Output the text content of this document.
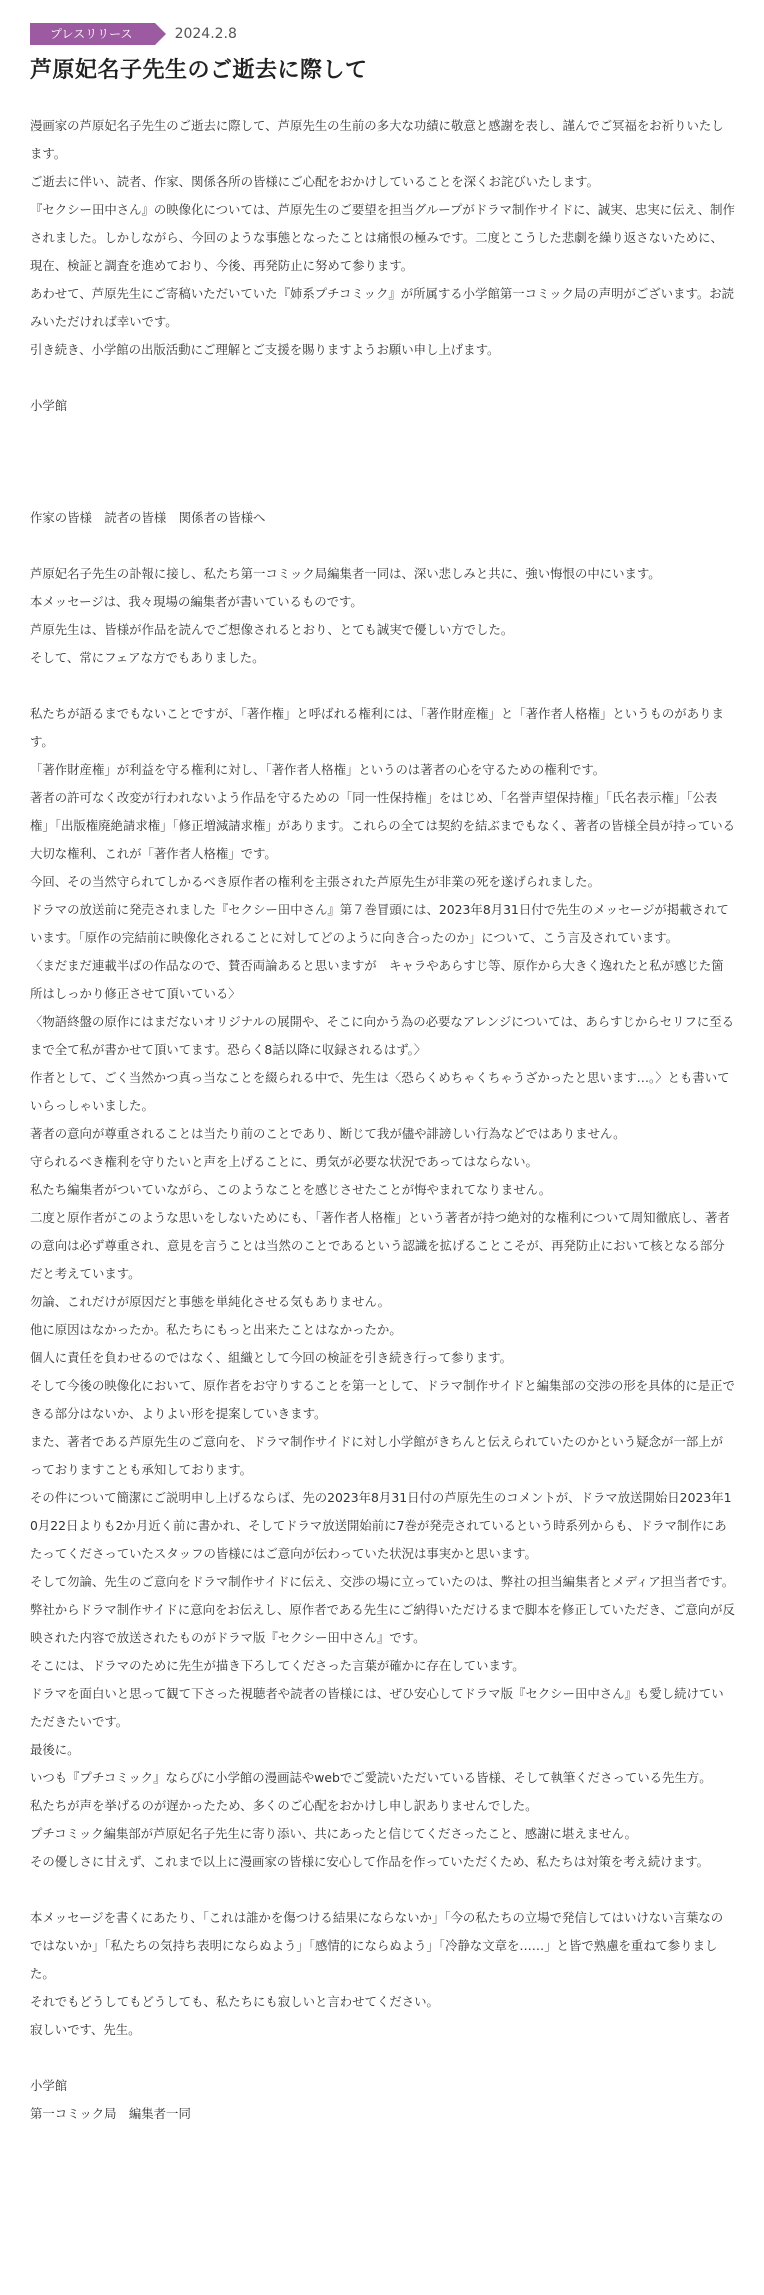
プレスリリース	2024.2.8
芦原妃名子先生のご逝去に際して

漫画家の芦原妃名子先生のご逝去に際して、芦原先生の生前の多大な功績に敬意と感謝を表し、謹んでご冥福をお祈りいたします。

ご逝去に伴い、読者、作家、関係各所の皆様にご心配をおかけしていることを深くお詫びいたします。

『セクシー田中さん』の映像化については、芦原先生のご要望を担当グループがドラマ制作サイドに、誠実、忠実に伝え、制作されました。しかしながら、今回のような事態となったことは痛恨の極みです。二度とこうした悲劇を繰り返さないために、現在、検証と調査を進めており、今後、再発防止に努めて参ります。

あわせて、芦原先生にご寄稿いただいていた『姉系プチコミック』が所属する小学館第一コミック局の声明がございます。お読みいただければ幸いです。

引き続き、小学館の出版活動にご理解とご支援を賜りますようお願い申し上げます。

小学館

作家の皆様　読者の皆様　関係者の皆様へ

芦原妃名子先生の訃報に接し、私たち第一コミック局編集者一同は、深い悲しみと共に、強い悔恨の中にいます。

本メッセージは、我々現場の編集者が書いているものです。

芦原先生は、皆様が作品を読んでご想像されるとおり、とても誠実で優しい方でした。

そして、常にフェアな方でもありました。

私たちが語るまでもないことですが、「著作権」と呼ばれる権利には、「著作財産権」と「著作者人格権」というものがあります。

「著作財産権」が利益を守る権利に対し、「著作者人格権」というのは著者の心を守るための権利です。

著者の許可なく改変が行われないよう作品を守るための「同一性保持権」をはじめ、「名誉声望保持権」「氏名表示権」「公表権」「出版権廃絶請求権」「修正増減請求権」があります。これらの全ては契約を結ぶまでもなく、著者の皆様全員が持っている大切な権利、これが「著作者人格権」です。

今回、その当然守られてしかるべき原作者の権利を主張された芦原先生が非業の死を遂げられました。

ドラマの放送前に発売されました『セクシー田中さん』第７巻冒頭には、2023年8月31日付で先生のメッセージが掲載されています。「原作の完結前に映像化されることに対してどのように向き合ったのか」について、こう言及されています。

〈まだまだ連載半ばの作品なので、賛否両論あると思いますが　キャラやあらすじ等、原作から大きく逸れたと私が感じた箇所はしっかり修正させて頂いている〉

〈物語終盤の原作にはまだないオリジナルの展開や、そこに向かう為の必要なアレンジについては、あらすじからセリフに至るまで全て私が書かせて頂いてます。恐らく8話以降に収録されるはず。〉

作者として、ごく当然かつ真っ当なことを綴られる中で、先生は〈恐らくめちゃくちゃうざかったと思います…。〉とも書いていらっしゃいました。

著者の意向が尊重されることは当たり前のことであり、断じて我が儘や誹謗しい行為などではありません。

守られるべき権利を守りたいと声を上げることに、勇気が必要な状況であってはならない。

私たち編集者がついていながら、このようなことを感じさせたことが悔やまれてなりません。

二度と原作者がこのような思いをしないためにも、「著作者人格権」という著者が持つ絶対的な権利について周知徹底し、著者の意向は必ず尊重され、意見を言うことは当然のことであるという認識を拡げることこそが、再発防止において核となる部分だと考えています。

勿論、これだけが原因だと事態を単純化させる気もありません。

他に原因はなかったか。私たちにもっと出来たことはなかったか。

個人に責任を負わせるのではなく、組織として今回の検証を引き続き行って参ります。

そして今後の映像化において、原作者をお守りすることを第一として、ドラマ制作サイドと編集部の交渉の形を具体的に是正できる部分はないか、よりよい形を提案していきます。

また、著者である芦原先生のご意向を、ドラマ制作サイドに対し小学館がきちんと伝えられていたのかという疑念が一部上がっておりますことも承知しております。

その件について簡潔にご説明申し上げるならば、先の2023年8月31日付の芦原先生のコメントが、ドラマ放送開始日2023年10月22日よりも2か月近く前に書かれ、そしてドラマ放送開始前に7巻が発売されているという時系列からも、ドラマ制作にあたってくださっていたスタッフの皆様にはご意向が伝わっていた状況は事実かと思います。

そして勿論、先生のご意向をドラマ制作サイドに伝え、交渉の場に立っていたのは、弊社の担当編集者とメディア担当者です。

弊社からドラマ制作サイドに意向をお伝えし、原作者である先生にご納得いただけるまで脚本を修正していただき、ご意向が反映された内容で放送されたものがドラマ版『セクシー田中さん』です。

そこには、ドラマのために先生が描き下ろしてくださった言葉が確かに存在しています。

ドラマを面白いと思って観て下さった視聴者や読者の皆様には、ぜひ安心してドラマ版『セクシー田中さん』も愛し続けていただきたいです。

最後に。

いつも『プチコミック』ならびに小学館の漫画誌やwebでご愛読いただいている皆様、そして執筆くださっている先生方。

私たちが声を挙げるのが遅かったため、多くのご心配をおかけし申し訳ありませんでした。

プチコミック編集部が芦原妃名子先生に寄り添い、共にあったと信じてくださったこと、感謝に堪えません。

その優しさに甘えず、これまで以上に漫画家の皆様に安心して作品を作っていただくため、私たちは対策を考え続けます。

本メッセージを書くにあたり、「これは誰かを傷つける結果にならないか」「今の私たちの立場で発信してはいけない言葉なのではないか」「私たちの気持ち表明にならぬよう」「感情的にならぬよう」「冷静な文章を……」と皆で熟慮を重ねて参りました。

それでもどうしてもどうしても、私たちにも寂しいと言わせてください。

寂しいです、先生。

小学館

第一コミック局　編集者一同
